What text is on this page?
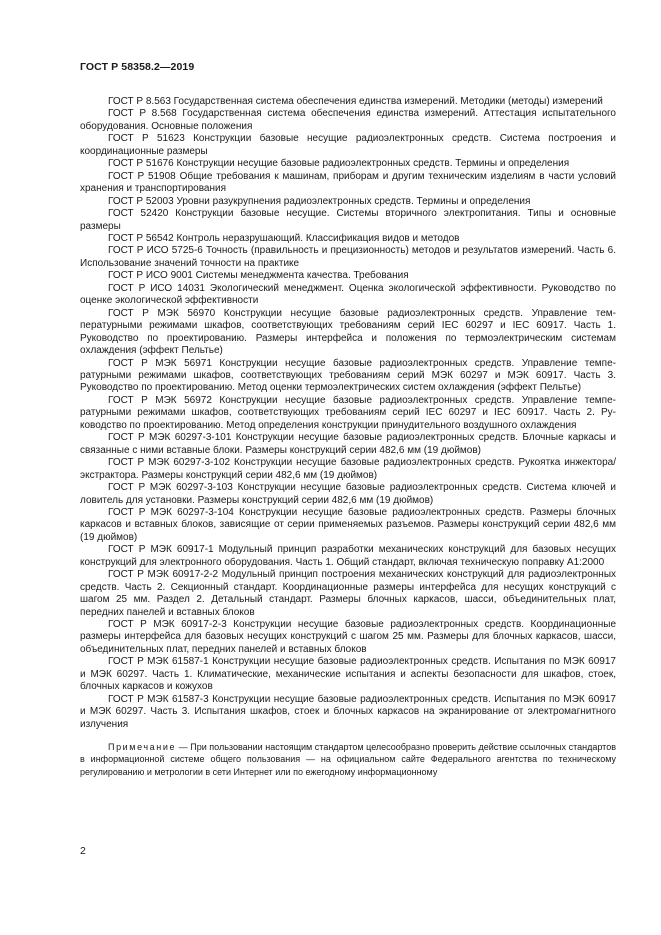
ГОСТ Р 58358.2—2019

ГОСТ Р 8.563 Государственная система обеспечения единства измерений. Методики (методы) измерений

ГОСТ Р 8.568 Государственная система обеспечения единства измерений. Аттестация испытательного оборудования. Основные положения

ГОСТ Р 51623 Конструкции базовые несущие радиоэлектронных средств. Система построения и координационные размеры

ГОСТ Р 51676 Конструкции несущие базовые радиоэлектронных средств. Термины и определения

ГОСТ Р 51908 Общие требования к машинам, приборам и другим техническим изделиям в части условий хранения и транспортирования

ГОСТ Р 52003 Уровни разукрупнения радиоэлектронных средств. Термины и определения

ГОСТ 52420 Конструкции базовые несущие. Системы вторичного электропитания. Типы и основные размеры

ГОСТ Р 56542 Контроль неразрушающий. Классификация видов и методов

ГОСТ Р ИСО 5725-6 Точность (правильность и прецизионность) методов и результатов измерений. Часть 6. Использование значений точности на практике

ГОСТ Р ИСО 9001 Системы менеджмента качества. Требования

ГОСТ Р ИСО 14031 Экологический менеджмент. Оценка экологической эффективности. Руководство по оценке экологической эффективности

ГОСТ Р МЭК 56970 Конструкции несущие базовые радиоэлектронных средств. Управление температурными режимами шкафов, соответствующих требованиям серий IEC 60297 и IEC 60917. Часть 1. Руководство по проектированию. Размеры интерфейса и положения по термоэлектрическим системам охлаждения (эффект Пельтье)

ГОСТ Р МЭК 56971 Конструкции несущие базовые радиоэлектронных средств. Управление температурными режимами шкафов, соответствующих требованиям серий МЭК 60297 и МЭК 60917. Часть 3. Руководство по проектированию. Метод оценки термоэлектрических систем охлаждения (эффект Пельтье)

ГОСТ Р МЭК 56972 Конструкции несущие базовые радиоэлектронных средств. Управление температурными режимами шкафов, соответствующих требованиям серий IEC 60297 и IEC 60917. Часть 2. Руководство по проектированию. Метод определения конструкции принудительного воздушного охлаждения

ГОСТ Р МЭК 60297-3-101 Конструкции несущие базовые радиоэлектронных средств. Блочные каркасы и связанные с ними вставные блоки. Размеры конструкций серии 482,6 мм (19 дюймов)

ГОСТ Р МЭК 60297-3-102 Конструкции несущие базовые радиоэлектронных средств. Рукоятка инжектора/экстрактора. Размеры конструкций серии 482,6 мм (19 дюймов)

ГОСТ Р МЭК 60297-3-103 Конструкции несущие базовые радиоэлектронных средств. Система ключей и ловитель для установки. Размеры конструкций серии 482,6 мм (19 дюймов)

ГОСТ Р МЭК 60297-3-104 Конструкции несущие базовые радиоэлектронных средств. Размеры блочных каркасов и вставных блоков, зависящие от серии применяемых разъемов. Размеры конструкций серии 482,6 мм (19 дюймов)

ГОСТ Р МЭК 60917-1 Модульный принцип разработки механических конструкций для базовых несущих конструкций для электронного оборудования. Часть 1. Общий стандарт, включая техническую поправку А1:2000

ГОСТ Р МЭК 60917-2-2 Модульный принцип построения механических конструкций для радиоэлектронных средств. Часть 2. Секционный стандарт. Координационные размеры интерфейса для несущих конструкций с шагом 25 мм. Раздел 2. Детальный стандарт. Размеры блочных каркасов, шасси, объединительных плат, передних панелей и вставных блоков

ГОСТ Р МЭК 60917-2-3 Конструкции несущие базовые радиоэлектронных средств. Координационные размеры интерфейса для базовых несущих конструкций с шагом 25 мм. Размеры для блочных каркасов, шасси, объединительных плат, передних панелей и вставных блоков

ГОСТ Р МЭК 61587-1 Конструкции несущие базовые радиоэлектронных средств. Испытания по МЭК 60917 и МЭК 60297. Часть 1. Климатические, механические испытания и аспекты безопасности для шкафов, стоек, блочных каркасов и кожухов

ГОСТ Р МЭК 61587-3 Конструкции несущие базовые радиоэлектронных средств. Испытания по МЭК 60917 и МЭК 60297. Часть 3. Испытания шкафов, стоек и блочных каркасов на экранирование от электромагнитного излучения

Примечание — При пользовании настоящим стандартом целесообразно проверить действие ссылочных стандартов в информационной системе общего пользования — на официальном сайте Федерального агентства по техническому регулированию и метрологии в сети Интернет или по ежегодному информационному

2
